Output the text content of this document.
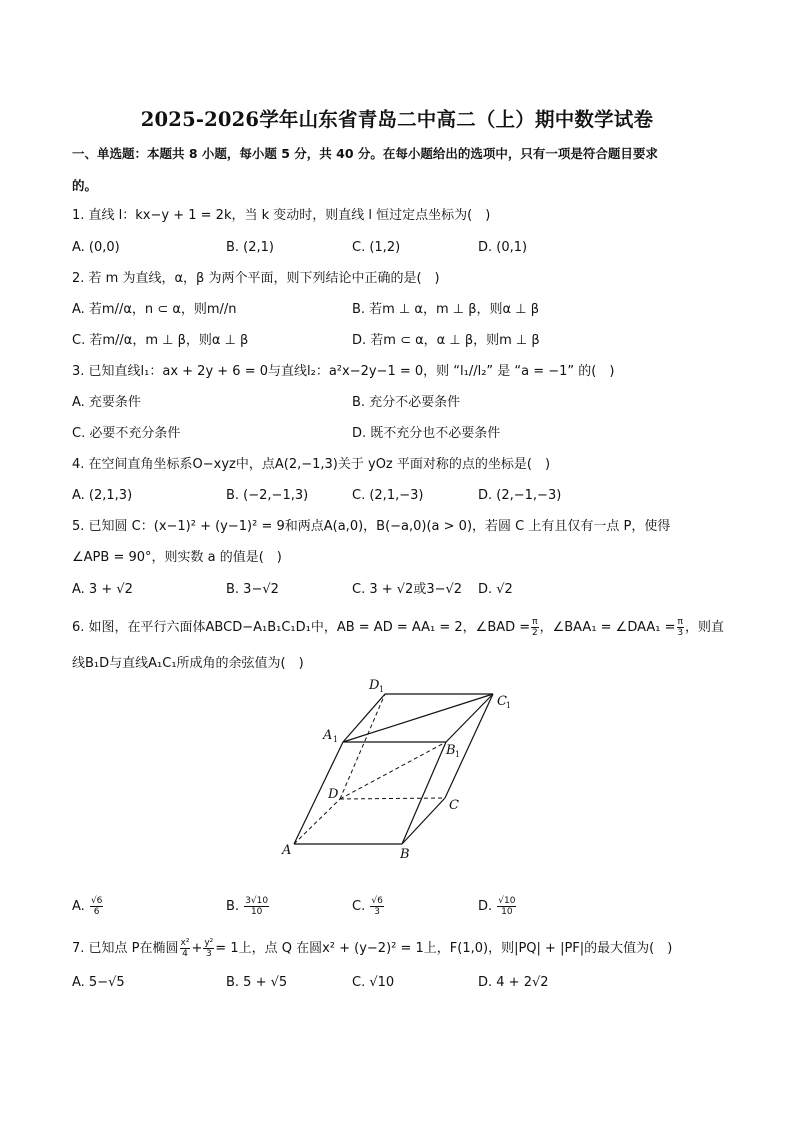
2025-2026学年山东省青岛二中高二（上）期中数学试卷
一、单选题：本题共 8 小题，每小题 5 分，共 40 分。在每小题给出的选项中，只有一项是符合题目要求
的。
1. 直线 l：kx−y + 1 = 2k，当 k 变动时，则直线 l 恒过定点坐标为(　)
A. (0,0)	B. (2,1)	C. (1,2)	D. (0,1)
2. 若 m 为直线，α，β 为两个平面，则下列结论中正确的是(　)
A. 若m//α，n ⊂ α，则m//n	B. 若m ⊥ α，m ⊥ β，则α ⊥ β
C. 若m//α，m ⊥ β，则α ⊥ β	D. 若m ⊂ α，α ⊥ β，则m ⊥ β
3. 已知直线l₁：ax + 2y + 6 = 0与直线l₂：a²x−2y−1 = 0，则 “l₁//l₂” 是 “a = −1” 的(　)
A. 充要条件	B. 充分不必要条件
C. 必要不充分条件	D. 既不充分也不必要条件
4. 在空间直角坐标系O−xyz中，点A(2,−1,3)关于 yOz 平面对称的点的坐标是(　)
A. (2,1,3)	B. (−2,−1,3)	C. (2,1,−3)	D. (2,−1,−3)
5. 已知圆 C：(x−1)² + (y−1)² = 9和两点A(a,0)，B(−a,0)(a > 0)，若圆 C 上有且仅有一点 P，使得
∠APB = 90°，则实数 a 的值是(　)
A. 3 + √2	B. 3−√2	C. 3 + √2或3−√2 D. √2
6. 如图，在平行六面体ABCD−A₁B₁C₁D₁中，AB = AD = AA₁ = 2，∠BAD = $\frac{\pi}{2}$ ，∠BAA₁ = ∠DAA₁ = $\frac{\pi}{3}$ ，则直
线B₁D与直线A₁C₁所成角的余弦值为(　)
A	B
C
D
A 1
B 1
C 1
D 1
A. $\frac{√6}{6}$	B. $\frac{3√10}{10}$	C. $\frac{√6}{3}$	D. $\frac{√10}{10}$
7. 已知点 P在椭圆 $\frac{\text{x²}}{4} + \frac{\text{y²}}{3} = 1$上，点 Q 在圆x² + (y−2)² = 1上，F(1,0)，则|PQ| + |PF|的最大值为(　)
A. 5−√5	B. 5 + √5	C. √10	D. 4 + 2√2
